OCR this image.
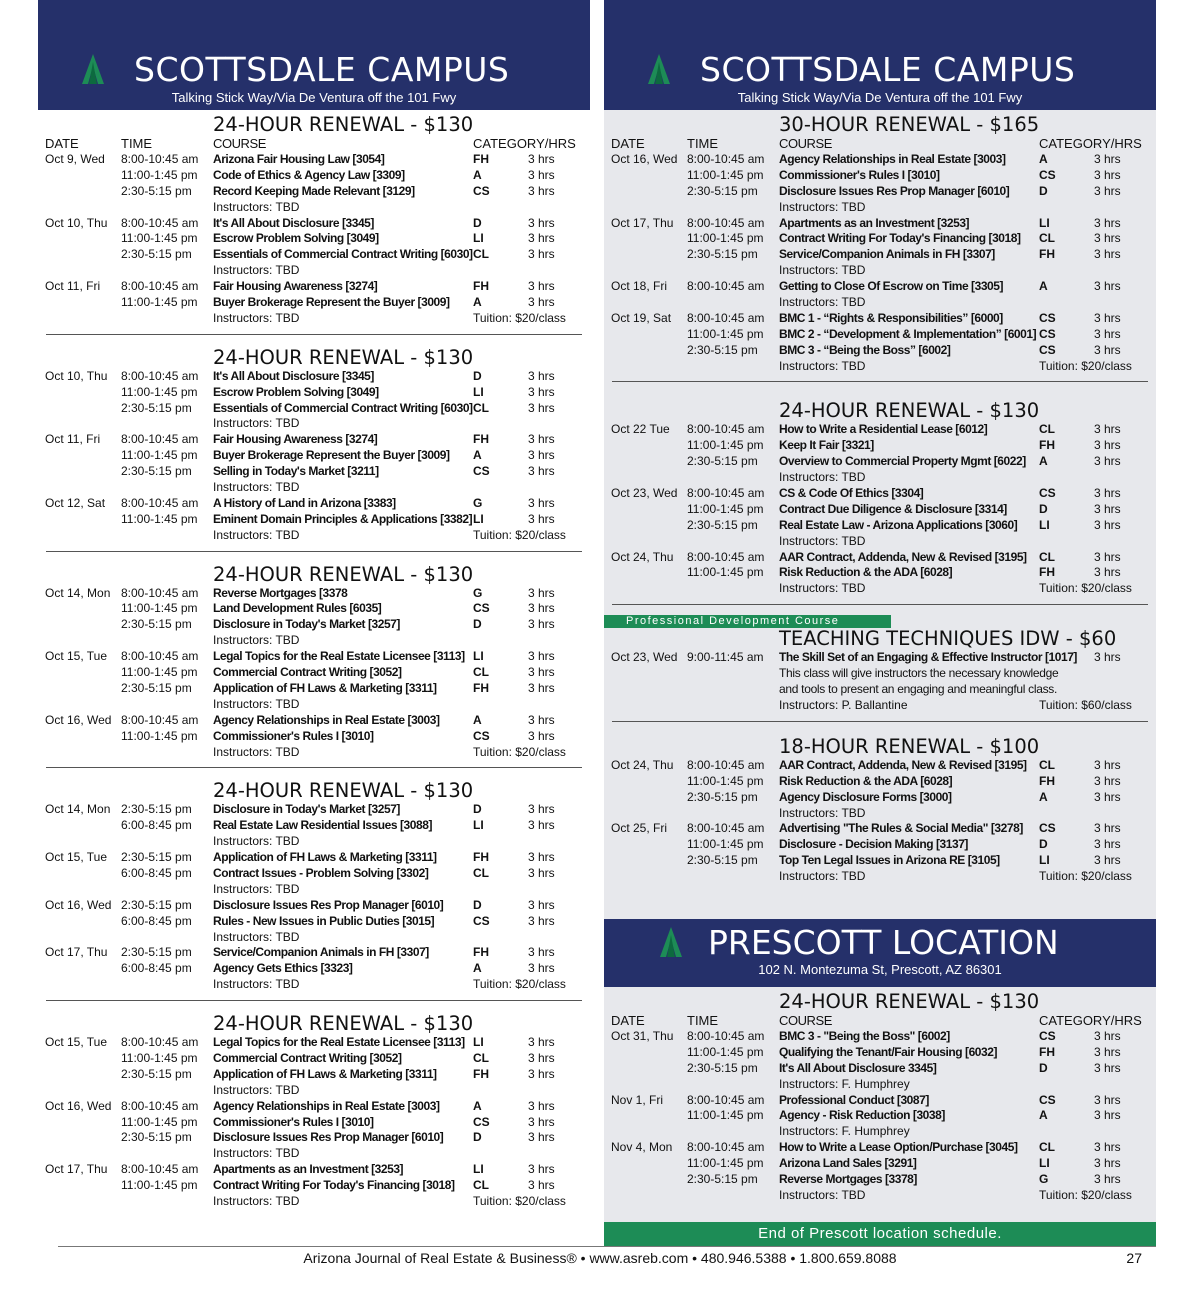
SCOTTSDALE CAMPUS
Talking Stick Way/Via De Ventura off the 101 Fwy
24-HOUR RENEWAL - $130
DATE	TIME	COURSE	CATEGORY/HRS
Oct 9, Wed 8:00-10:45 am Arizona Fair Housing Law [3054]	FH	3 hrs
11:00-1:45 pm Code of Ethics & Agency Law [3309]	A	3 hrs
2:30-5:15 pm Record Keeping Made Relevant [3129]	CS	3 hrs
Instructors: TBD
Oct 10, Thu 8:00-10:45 am It's All About Disclosure [3345]	D	3 hrs
11:00-1:45 pm Escrow Problem Solving [3049]	LI	3 hrs
2:30-5:15 pm Essentials of Commercial Contract Writing [6030] CL	3 hrs
Instructors: TBD
Oct 11, Fri 8:00-10:45 am Fair Housing Awareness [3274]	FH	3 hrs
11:00-1:45 pm Buyer Brokerage Represent the Buyer [3009] A	3 hrs
Instructors: TBD	Tuition: $20/class
24-HOUR RENEWAL - $130
Oct 10, Thu 8:00-10:45 am It's All About Disclosure [3345]	D	3 hrs
11:00-1:45 pm Escrow Problem Solving [3049]	LI	3 hrs
2:30-5:15 pm Essentials of Commercial Contract Writing [6030] CL	3 hrs
Instructors: TBD
Oct 11, Fri 8:00-10:45 am Fair Housing Awareness [3274]	FH	3 hrs
11:00-1:45 pm Buyer Brokerage Represent the Buyer [3009] A	3 hrs
2:30-5:15 pm Selling in Today's Market [3211]	CS	3 hrs
Instructors: TBD
Oct 12, Sat 8:00-10:45 am A History of Land in Arizona [3383]	G	3 hrs
11:00-1:45 pm Eminent Domain Principles & Applications [3382] LI	3 hrs
Instructors: TBD	Tuition: $20/class
24-HOUR RENEWAL - $130
Oct 14, Mon 8:00-10:45 am Reverse Mortgages [3378	G	3 hrs
11:00-1:45 pm Land Development Rules [6035]	CS	3 hrs
2:30-5:15 pm Disclosure in Today's Market [3257]	D	3 hrs
Instructors: TBD
Oct 15, Tue 8:00-10:45 am Legal Topics for the Real Estate Licensee [3113] LI	3 hrs
11:00-1:45 pm Commercial Contract Writing [3052]	CL	3 hrs
2:30-5:15 pm Application of FH Laws & Marketing [3311]	FH	3 hrs
Instructors: TBD
Oct 16, Wed 8:00-10:45 am Agency Relationships in Real Estate [3003]	A	3 hrs
11:00-1:45 pm Commissioner's Rules I [3010]	CS	3 hrs
Instructors: TBD	Tuition: $20/class
24-HOUR RENEWAL - $130
Oct 14, Mon 2:30-5:15 pm Disclosure in Today's Market [3257]	D	3 hrs
6:00-8:45 pm Real Estate Law Residential Issues [3088]	LI	3 hrs
Instructors: TBD
Oct 15, Tue 2:30-5:15 pm Application of FH Laws & Marketing [3311]	FH	3 hrs
6:00-8:45 pm Contract Issues - Problem Solving [3302]	CL	3 hrs
Instructors: TBD
Oct 16, Wed 2:30-5:15 pm Disclosure Issues Res Prop Manager [6010] D	3 hrs
6:00-8:45 pm Rules - New Issues in Public Duties [3015]	CS	3 hrs
Instructors: TBD
Oct 17, Thu 2:30-5:15 pm Service/Companion Animals in FH [3307]	FH	3 hrs
6:00-8:45 pm Agency Gets Ethics [3323]	A	3 hrs
Instructors: TBD	Tuition: $20/class
24-HOUR RENEWAL - $130
Oct 15, Tue 8:00-10:45 am Legal Topics for the Real Estate Licensee [3113] LI	3 hrs
11:00-1:45 pm Commercial Contract Writing [3052]	CL	3 hrs
2:30-5:15 pm Application of FH Laws & Marketing [3311]	FH	3 hrs
Instructors: TBD
Oct 16, Wed 8:00-10:45 am Agency Relationships in Real Estate [3003]	A	3 hrs
11:00-1:45 pm Commissioner's Rules I [3010]	CS	3 hrs
2:30-5:15 pm Disclosure Issues Res Prop Manager [6010] D	3 hrs
Instructors: TBD
Oct 17, Thu 8:00-10:45 am Apartments as an Investment [3253]	LI	3 hrs
11:00-1:45 pm Contract Writing For Today's Financing [3018] CL	3 hrs
Instructors: TBD	Tuition: $20/class
SCOTTSDALE CAMPUS
Talking Stick Way/Via De Ventura off the 101 Fwy
30-HOUR RENEWAL - $165
DATE	TIME	COURSE	CATEGORY/HRS
Oct 16, Wed 8:00-10:45 am Agency Relationships in Real Estate [3003]	A	3 hrs
11:00-1:45 pm Commissioner's Rules I [3010]	CS	3 hrs
2:30-5:15 pm Disclosure Issues Res Prop Manager [6010] D	3 hrs
Instructors: TBD
Oct 17, Thu 8:00-10:45 am Apartments as an Investment [3253]	LI	3 hrs
11:00-1:45 pm Contract Writing For Today's Financing [3018] CL	3 hrs
2:30-5:15 pm Service/Companion Animals in FH [3307]	FH	3 hrs
Instructors: TBD
Oct 18, Fri 8:00-10:45 am Getting to Close Of Escrow on Time [3305]	A	3 hrs
Instructors: TBD
Oct 19, Sat 8:00-10:45 am BMC 1 - “Rights & Responsibilities” [6000]	CS	3 hrs
11:00-1:45 pm BMC 2 - “Development & Implementation” [6001] CS	3 hrs
2:30-5:15 pm BMC 3 - “Being the Boss” [6002]	CS	3 hrs
Instructors: TBD	Tuition: $20/class
24-HOUR RENEWAL - $130
Oct 22 Tue 8:00-10:45 am How to Write a Residential Lease [6012]	CL	3 hrs
11:00-1:45 pm Keep It Fair [3321]	FH	3 hrs
2:30-5:15 pm Overview to Commercial Property Mgmt [6022] A	3 hrs
Instructors: TBD
Oct 23, Wed 8:00-10:45 am CS & Code Of Ethics [3304]	CS	3 hrs
11:00-1:45 pm Contract Due Diligence & Disclosure [3314]	D	3 hrs
2:30-5:15 pm Real Estate Law - Arizona Applications [3060] LI	3 hrs
Instructors: TBD
Oct 24, Thu 8:00-10:45 am AAR Contract, Addenda, New & Revised [3195] CL	3 hrs
11:00-1:45 pm Risk Reduction & the ADA [6028]	FH	3 hrs
Instructors: TBD	Tuition: $20/class
Professional Development Course
TEACHING TECHNIQUES IDW - $60
Oct 23, Wed 9:00-11:45 am The Skill Set of an Engaging & Effective Instructor [1017] 3 hrs
This class will give instructors the necessary knowledge
and tools to present an engaging and meaningful class.
Instructors: P. Ballantine	Tuition: $60/class
18-HOUR RENEWAL - $100
Oct 24, Thu 8:00-10:45 am AAR Contract, Addenda, New & Revised [3195] CL	3 hrs
11:00-1:45 pm Risk Reduction & the ADA [6028]	FH	3 hrs
2:30-5:15 pm Agency Disclosure Forms [3000]	A	3 hrs
Instructors: TBD
Oct 25, Fri 8:00-10:45 am Advertising "The Rules & Social Media" [3278] CS	3 hrs
11:00-1:45 pm Disclosure - Decision Making [3137]	D	3 hrs
2:30-5:15 pm Top Ten Legal Issues in Arizona RE [3105]	LI	3 hrs
Instructors: TBD	Tuition: $20/class
PRESCOTT LOCATION
102 N. Montezuma St, Prescott, AZ 86301
24-HOUR RENEWAL - $130
DATE	TIME	COURSE	CATEGORY/HRS
Oct 31, Thu 8:00-10:45 am BMC 3 - "Being the Boss" [6002]	CS	3 hrs
11:00-1:45 pm Qualifying the Tenant/Fair Housing [6032]	FH	3 hrs
2:30-5:15 pm It's All About Disclosure 3345]	D	3 hrs
Instructors: F. Humphrey
Nov 1, Fri 8:00-10:45 am Professional Conduct [3087]	CS	3 hrs
11:00-1:45 pm Agency - Risk Reduction [3038]	A	3 hrs
Instructors: F. Humphrey
Nov 4, Mon 8:00-10:45 am How to Write a Lease Option/Purchase [3045] CL	3 hrs
11:00-1:45 pm Arizona Land Sales [3291]	LI	3 hrs
2:30-5:15 pm Reverse Mortgages [3378]	G	3 hrs
Instructors: TBD	Tuition: $20/class
End of Prescott location schedule.
Arizona Journal of Real Estate & Business® • www.asreb.com • 480.946.5388 • 1.800.659.8088	27
